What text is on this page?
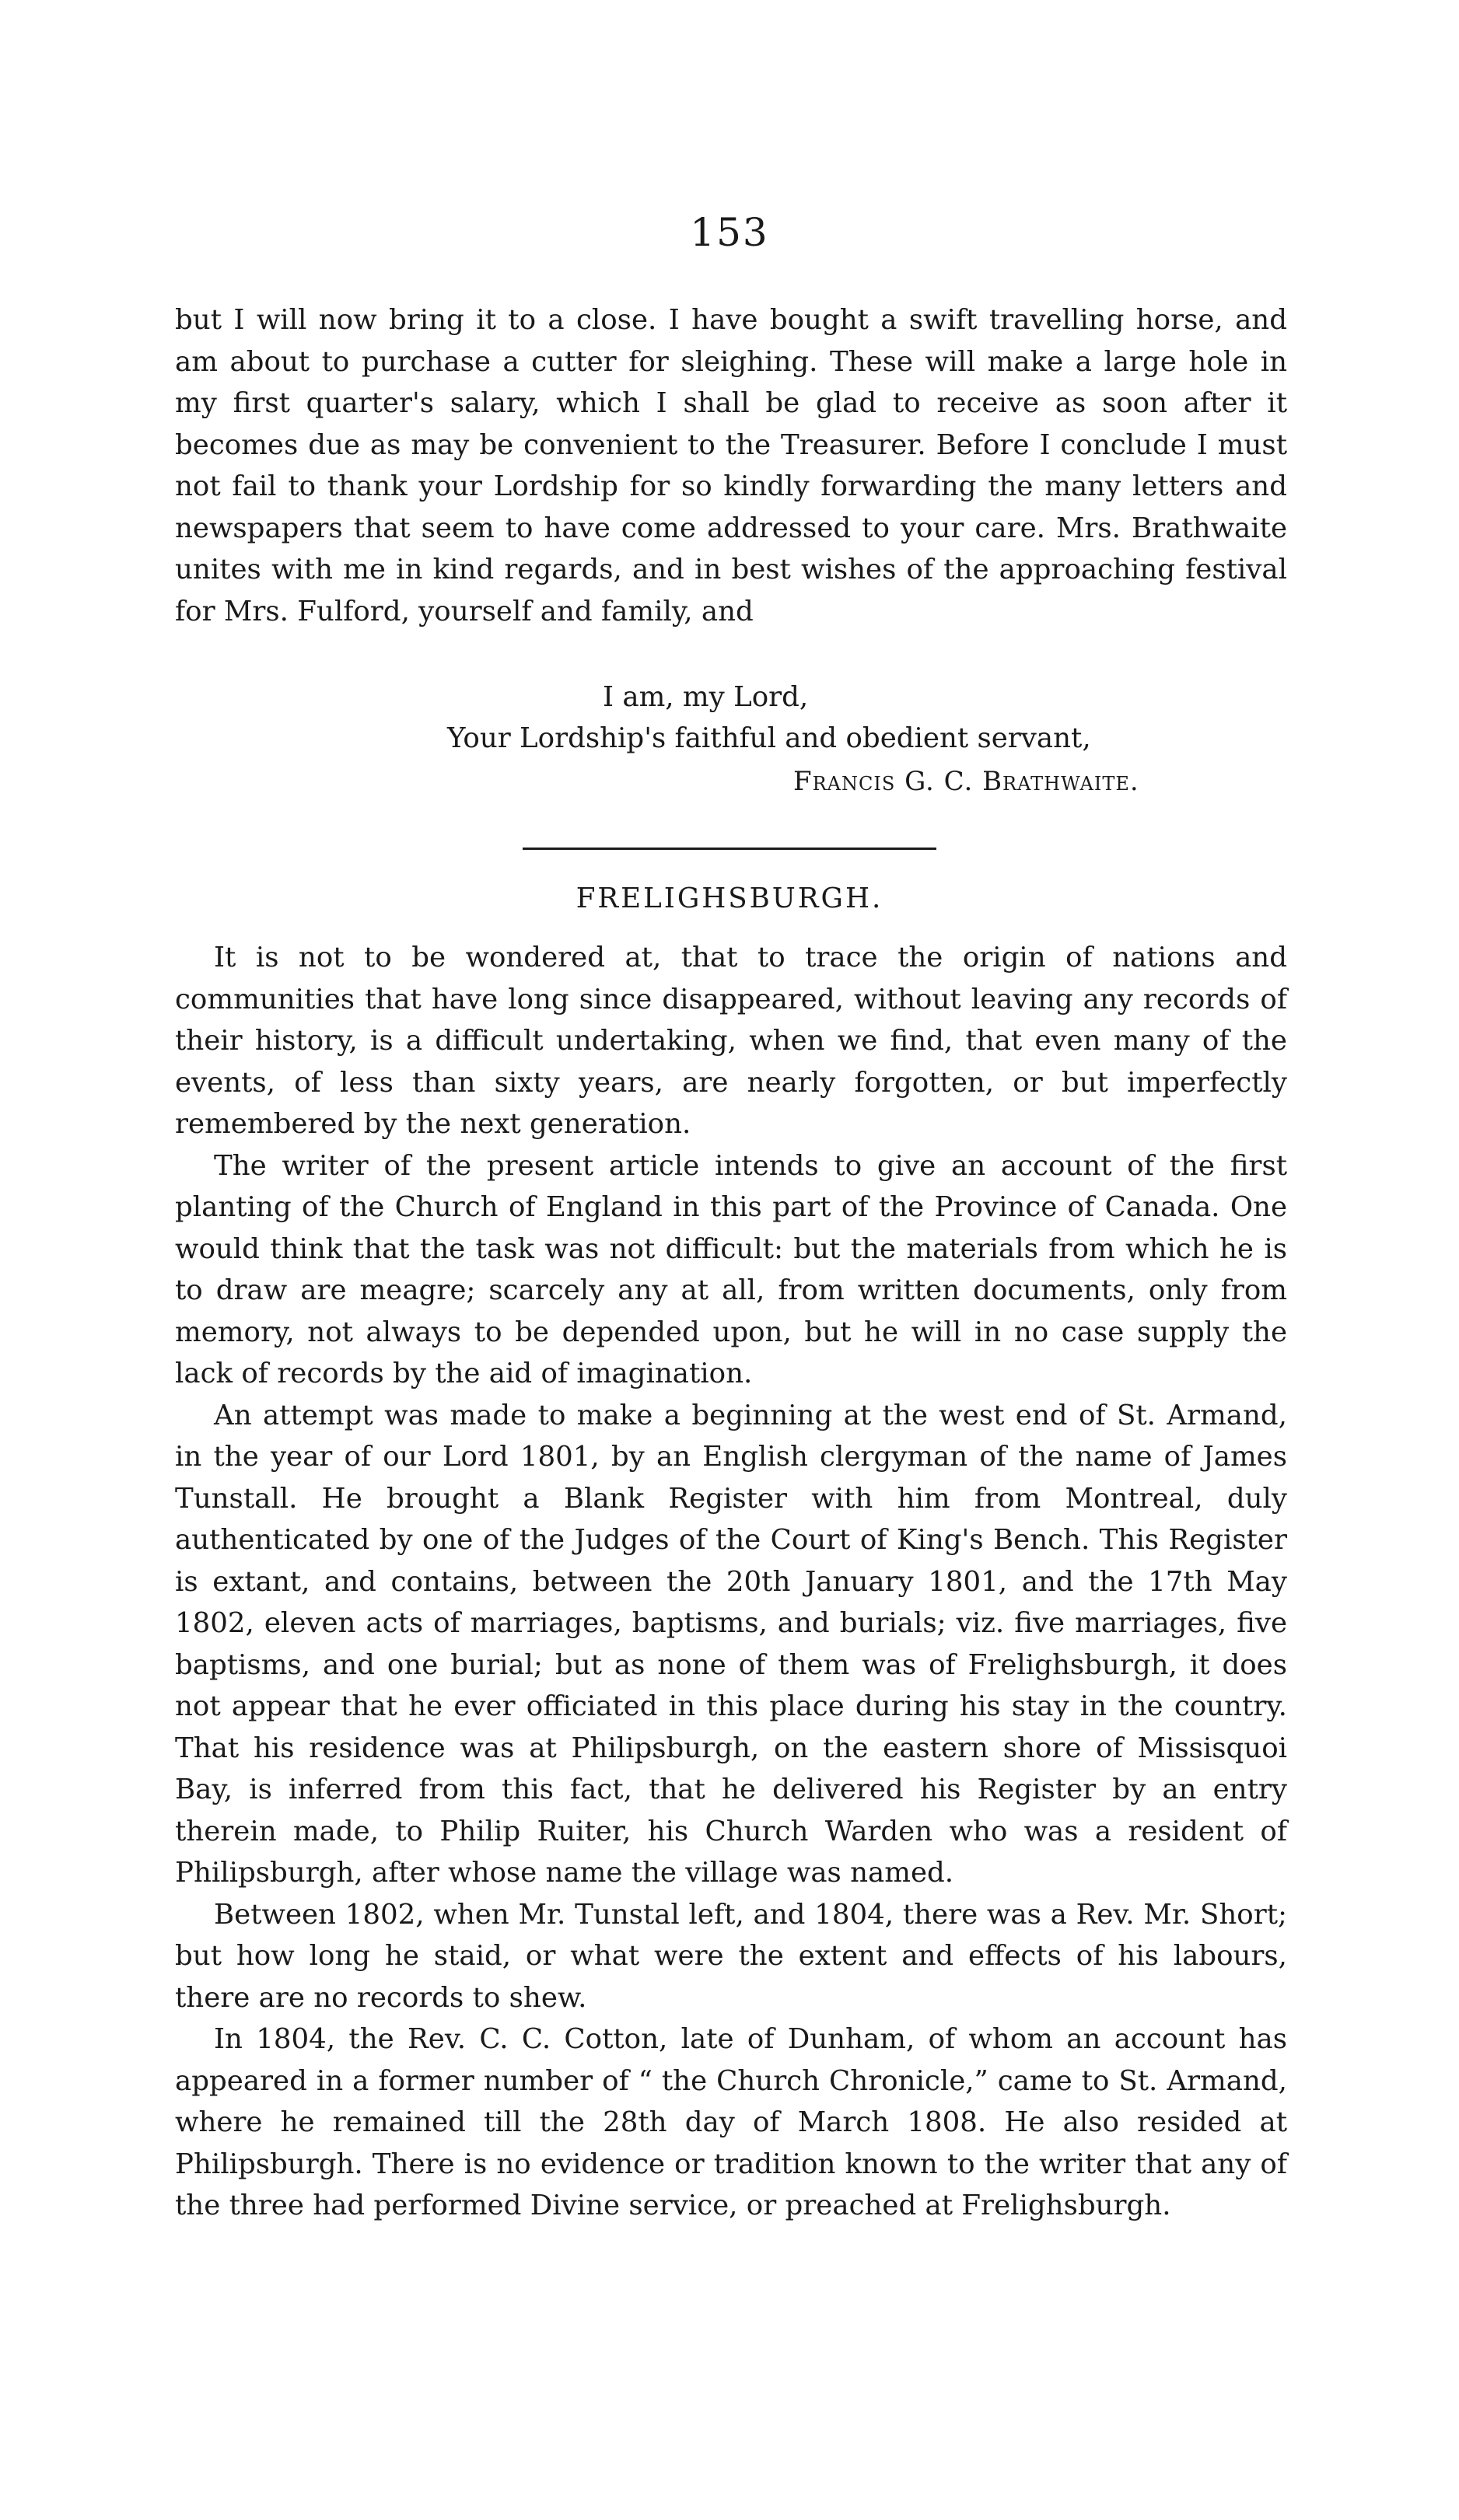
153

but I will now bring it to a close. I have bought a swift travelling horse, and am about to purchase a cutter for sleighing. These will make a large hole in my first quarter's salary, which I shall be glad to receive as soon after it becomes due as may be convenient to the Treasurer. Before I conclude I must not fail to thank your Lordship for so kindly forwarding the many letters and newspapers that seem to have come addressed to your care. Mrs. Brathwaite unites with me in kind regards, and in best wishes of the approaching festival for Mrs. Fulford, yourself and family, and

I am, my Lord,
Your Lordship's faithful and obedient servant,
Francis G. C. Brathwaite.
FRELIGHSBURGH.

It is not to be wondered at, that to trace the origin of nations and communities that have long since disappeared, without leaving any records of their history, is a difficult undertaking, when we find, that even many of the events, of less than sixty years, are nearly forgotten, or but imperfectly remembered by the next generation.

The writer of the present article intends to give an account of the first planting of the Church of England in this part of the Province of Canada. One would think that the task was not difficult: but the materials from which he is to draw are meagre; scarcely any at all, from written documents, only from memory, not always to be depended upon, but he will in no case supply the lack of records by the aid of imagination.

An attempt was made to make a beginning at the west end of St. Armand, in the year of our Lord 1801, by an English clergyman of the name of James Tunstall. He brought a Blank Register with him from Montreal, duly authenticated by one of the Judges of the Court of King's Bench. This Register is extant, and contains, between the 20th January 1801, and the 17th May 1802, eleven acts of marriages, baptisms, and burials; viz. five marriages, five baptisms, and one burial; but as none of them was of Frelighsburgh, it does not appear that he ever officiated in this place during his stay in the country. That his residence was at Philipsburgh, on the eastern shore of Missisquoi Bay, is inferred from this fact, that he delivered his Register by an entry therein made, to Philip Ruiter, his Church Warden who was a resident of Philipsburgh, after whose name the village was named.

Between 1802, when Mr. Tunstal left, and 1804, there was a Rev. Mr. Short; but how long he staid, or what were the extent and effects of his labours, there are no records to shew.

In 1804, the Rev. C. C. Cotton, late of Dunham, of whom an account has appeared in a former number of “ the Church Chronicle,” came to St. Armand, where he remained till the 28th day of March 1808. He also resided at Philipsburgh. There is no evidence or tradition known to the writer that any of the three had performed Divine service, or preached at Frelighsburgh.
